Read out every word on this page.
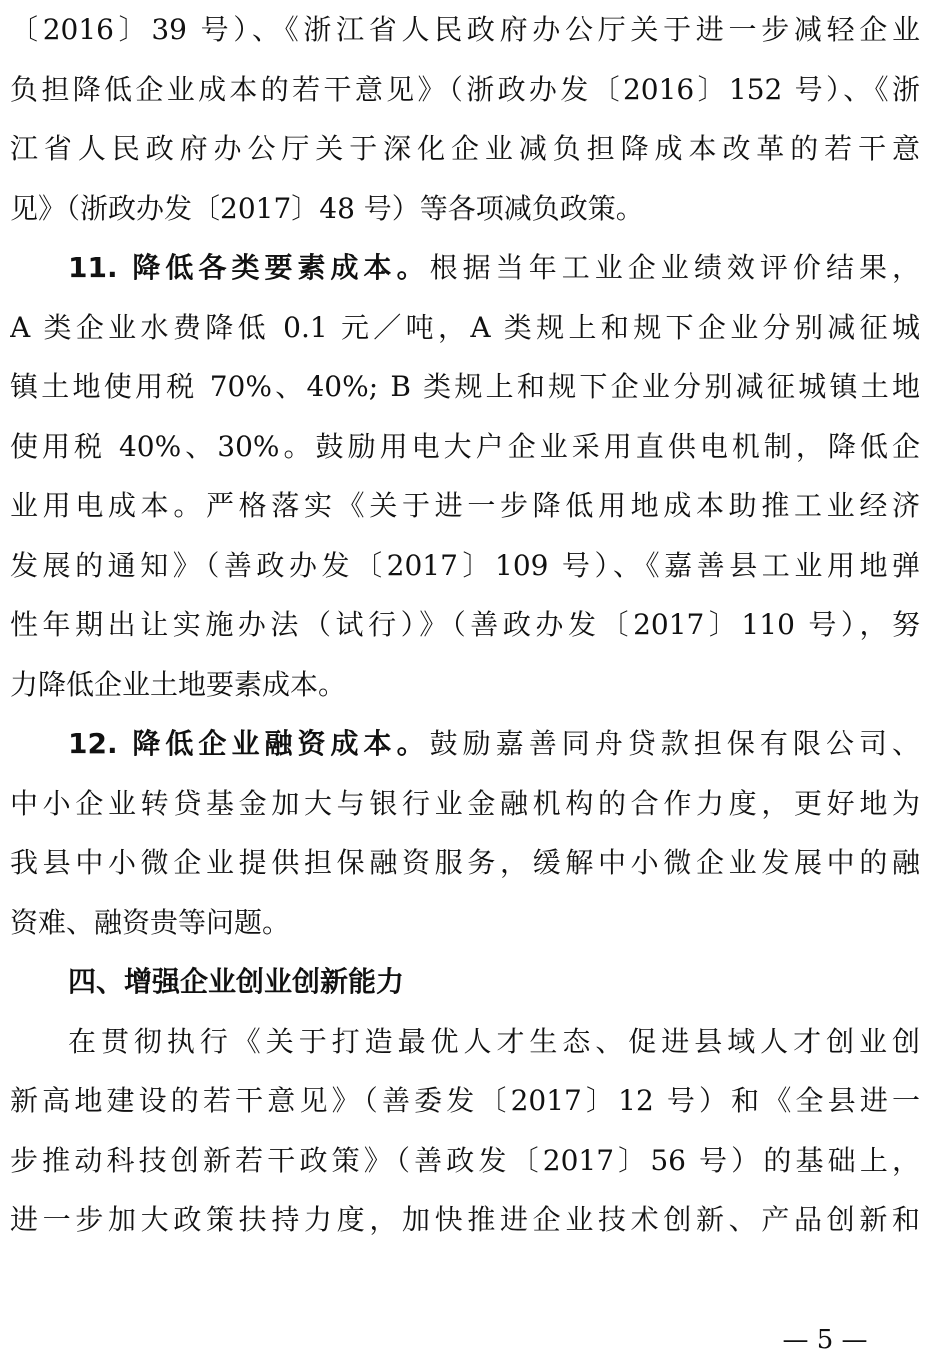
〔2016〕39 号）、《浙江省人民政府办公厅关于进一步减轻企业
负担降低企业成本的若干意见》（浙政办发〔2016〕152 号）、《浙
江省人民政府办公厅关于深化企业减负担降成本改革的若干意
见》（浙政办发〔2017〕48 号）等各项减负政策。
11. 降低各类要素成本。根据当年工业企业绩效评价结果，
A 类企业水费降低 0.1 元／吨，A 类规上和规下企业分别减征城
镇土地使用税 70%、40%; B 类规上和规下企业分别减征城镇土地
使用税 40%、30%。鼓励用电大户企业采用直供电机制，降低企
业用电成本。严格落实《关于进一步降低用地成本助推工业经济
发展的通知》（善政办发〔2017〕109 号）、《嘉善县工业用地弹
性年期出让实施办法（试行）》（善政办发〔2017〕110 号），努
力降低企业土地要素成本。
12. 降低企业融资成本。鼓励嘉善同舟贷款担保有限公司、
中小企业转贷基金加大与银行业金融机构的合作力度，更好地为
我县中小微企业提供担保融资服务，缓解中小微企业发展中的融
资难、融资贵等问题。
四、增强企业创业创新能力
在贯彻执行《关于打造最优人才生态、促进县域人才创业创
新高地建设的若干意见》（善委发〔2017〕12 号）和《全县进一
步推动科技创新若干政策》（善政发〔2017〕56 号）的基础上，
进一步加大政策扶持力度，加快推进企业技术创新、产品创新和
— 5 —
